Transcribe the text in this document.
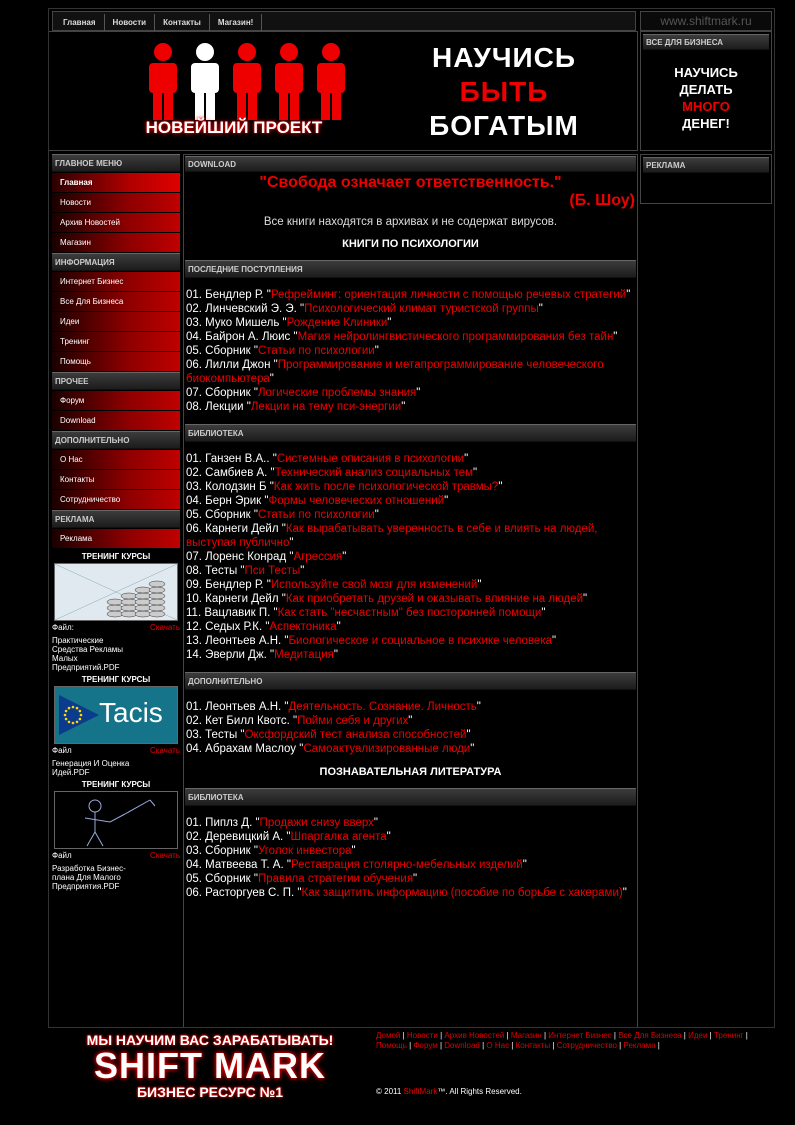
Главная Новости Контакты Магазин!	www.shiftmark.ru
НОВЕЙШИЙ ПРОЕКТ
НАУЧИСЬ
БЫТЬ
БОГАТЫМ
ВСЕ ДЛЯ БИЗНЕСА
НАУЧИСЬ
ДЕЛАТЬ
МНОГО
ДЕНЕГ!
РЕКЛАМА
ГЛАВНОЕ МЕНЮ
Главная
Новости
Архив Новостей
Магазин
ИНФОРМАЦИЯ
Интернет Бизнес
Все Для Бизнеса
Идеи
Тренинг
Помощь
ПРОЧЕЕ
Форум
Download
ДОПОЛНИТЕЛЬНО
О Нас
Контакты
Сотрудничество
РЕКЛАМА
Реклама
ТРЕНИНГ КУРСЫ
Файл:	Скачать
Практические Средства Рекламы Малых Предприятий.PDF
ТРЕНИНГ КУРСЫ
Tacis
Файл	Скачать
Генерация И Оценка Идей.PDF
ТРЕНИНГ КУРСЫ
Файл	Скачать
Разработка Бизнес-плана Для Малого Предприятия.PDF
DOWNLOAD
"Свобода означает ответственность."
(Б. Шоу)
Все книги находятся в архивах и не содержат вирусов.
КНИГИ ПО ПСИХОЛОГИИ
ПОСЛЕДНИЕ ПОСТУПЛЕНИЯ
01. Бендлер Р. "Рефрейминг: ориентация личности с помощью речевых стратегий"
02. Линчевский Э. Э. "Психологический климат туристской группы"
03. Муко Мишель "Рождение Клиники"
04. Байрон А. Люис "Магия нейролингвистического программирования без тайн"
05. Сборник "Статьи по психологии"
06. Лилли Джон "Программирование и метапрограммирование человеческого биокомпьютера"
07. Сборник "Логические проблемы знания"
08. Лекции "Лекции на тему пси-энергии"
БИБЛИОТЕКА
01. Ганзен В.А.. "Системные описания в психологии"
02. Самбиев А. "Технический анализ социальных тем"
03. Колодзин Б "Как жить после психологической травмы?"
04. Берн Эрик "Формы человеческих отношений"
05. Сборник "Статьи по психологии"
06. Карнеги Дейл "Как вырабатывать уверенность в себе и влиять на людей, выступая публично"
07. Лоренс Конрад "Агрессия"
08. Тесты "Пси Тесты"
09. Бендлер Р. "Используйте свой мозг для изменений"
10. Карнеги Дейл "Как приобретать друзей и оказывать влияние на людей"
11. Вацлавик П. "Как стать "несчастным" без посторонней помощи"
12. Седых Р.К. "Аспектоника"
13. Леонтьев А.Н. "Биологическое и социальное в психике человека"
14. Эверли Дж. "Медитация"
ДОПОЛНИТЕЛЬНО
01. Леонтьев А.Н. "Деятельность. Сознание. Личность"
02. Кет Билл Квотс. "Пойми себя и других"
03. Тесты "Оксфордский тест анализа способностей"
04. Абрахам Маслоу "Самоактуализированные люди"
ПОЗНАВАТЕЛЬНАЯ ЛИТЕРАТУРА
БИБЛИОТЕКА
01. Пиплз Д. "Продажи снизу вверх"
02. Деревицкий А. "Шпаргалка агента"
03. Сборник "Уголок инвестора"
04. Матвеева Т. А. "Реставрация столярно-мебельных изделий"
05. Сборник "Правила стратегии обучения"
06. Расторгуев С. П. "Как защитить информацию (пособие по борьбе с хакерами)"
МЫ НАУЧИМ ВАС ЗАРАБАТЫВАТЬ!
SHIFT MARK
БИЗНЕС РЕСУРС №1
Домой | Новости | Архив Новостей | Магазин | Интернет Бизнес | Все Для Бизнеса | Идеи | Тренинг | Помощь | Форум | Download | О Нас | Контакты | Сотрудничество | Реклама |
© 2011 ShiftMark™. All Rights Reserved.
